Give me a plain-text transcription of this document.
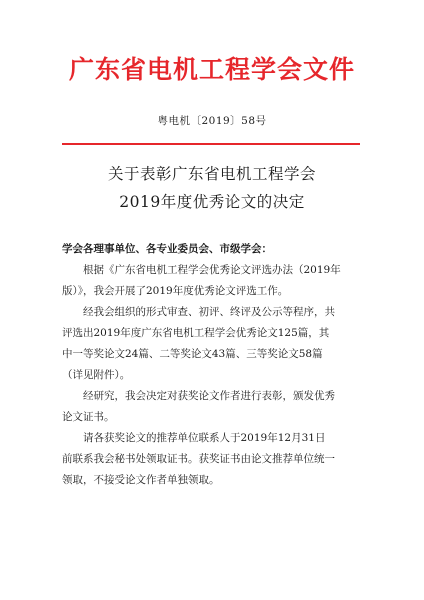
广东省电机工程学会文件
粤电机〔2019〕58号
关于表彰广东省电机工程学会
2019年度优秀论文的决定
学会各理事单位、各专业委员会、市级学会：

根据《广东省电机工程学会优秀论文评选办法（2019年
版）》，我会开展了2019年度优秀论文评选工作。

经我会组织的形式审查、初评、终评及公示等程序，共
评选出2019年度广东省电机工程学会优秀论文125篇，其
中一等奖论文24篇、二等奖论文43篇、三等奖论文58篇
（详见附件）。

经研究，我会决定对获奖论文作者进行表彰，颁发优秀
论文证书。

请各获奖论文的推荐单位联系人于2019年12月31日
前联系我会秘书处领取证书。获奖证书由论文推荐单位统一
领取，不接受论文作者单独领取。
